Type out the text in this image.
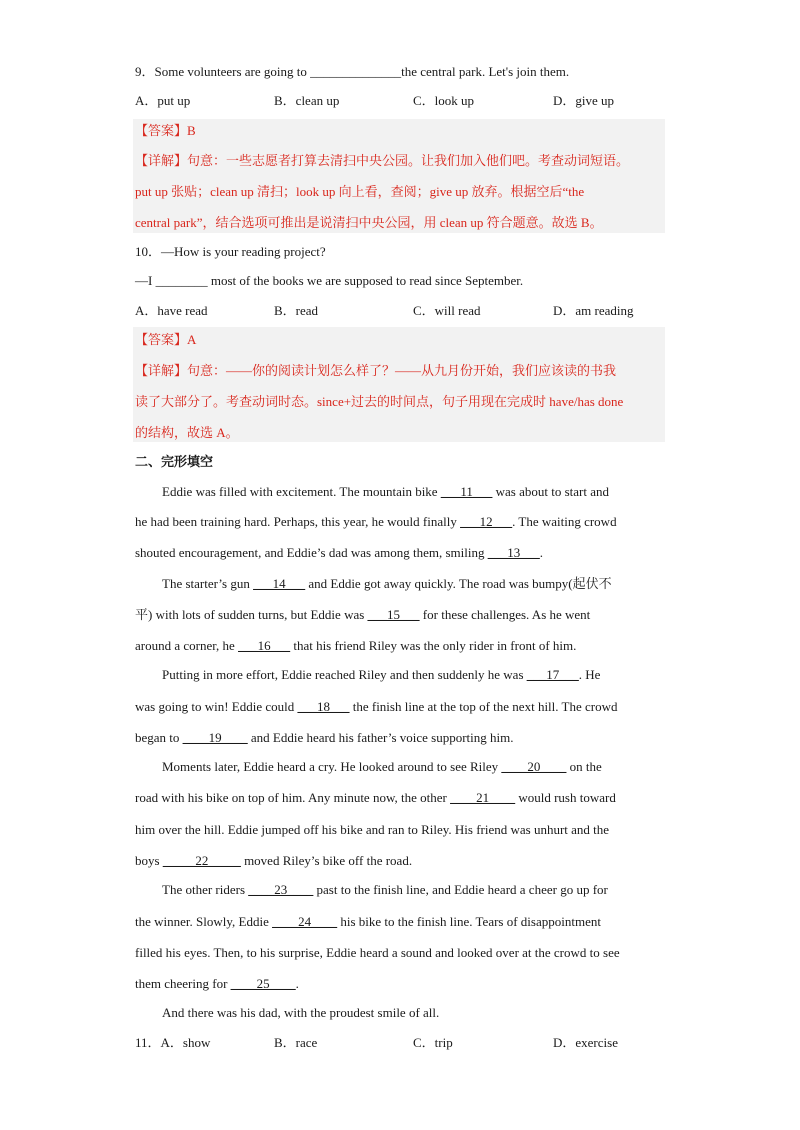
9．Some volunteers are going to ______________the central park. Let's join them.
A．put up	B．clean up	C．look up	D．give up
【答案】B
【详解】句意：一些志愿者打算去清扫中央公园。让我们加入他们吧。考查动词短语。
put up 张贴；clean up 清扫；look up 向上看，查阅；give up 放弃。根据空后“the
central park”，结合选项可推出是说清扫中央公园，用 clean up 符合题意。故选 B。
10．—How is your reading project?
—I ________ most of the books we are supposed to read since September.
A．have read	B．read	C．will read	D．am reading
【答案】A
【详解】句意：——你的阅读计划怎么样了？——从九月份开始，我们应该读的书我
读了大部分了。考查动词时态。since+过去的时间点，句子用现在完成时 have/has done
的结构，故选 A。
二、完形填空
Eddie was filled with excitement. The mountain bike ___11___ was about to start and
he had been training hard. Perhaps, this year, he would finally ___12___. The waiting crowd
shouted encouragement, and Eddie’s dad was among them, smiling ___13___.
The starter’s gun ___14___ and Eddie got away quickly. The road was bumpy(起伏不
平) with lots of sudden turns, but Eddie was ___15___ for these challenges. As he went
around a corner, he ___16___ that his friend Riley was the only rider in front of him.
Putting in more effort, Eddie reached Riley and then suddenly he was ___17___. He
was going to win! Eddie could ___18___ the finish line at the top of the next hill. The crowd
began to ____19____ and Eddie heard his father’s voice supporting him.
Moments later, Eddie heard a cry. He looked around to see Riley ____20____ on the
road with his bike on top of him. Any minute now, the other ____21____ would rush toward
him over the hill. Eddie jumped off his bike and ran to Riley. His friend was unhurt and the
boys _____22_____ moved Riley’s bike off the road.
The other riders ____23____ past to the finish line, and Eddie heard a cheer go up for
the winner. Slowly, Eddie ____24____ his bike to the finish line. Tears of disappointment
filled his eyes. Then, to his surprise, Eddie heard a sound and looked over at the crowd to see
them cheering for ____25____.
And there was his dad, with the proudest smile of all.
11．A．show	B．race	C．trip	D．exercise
